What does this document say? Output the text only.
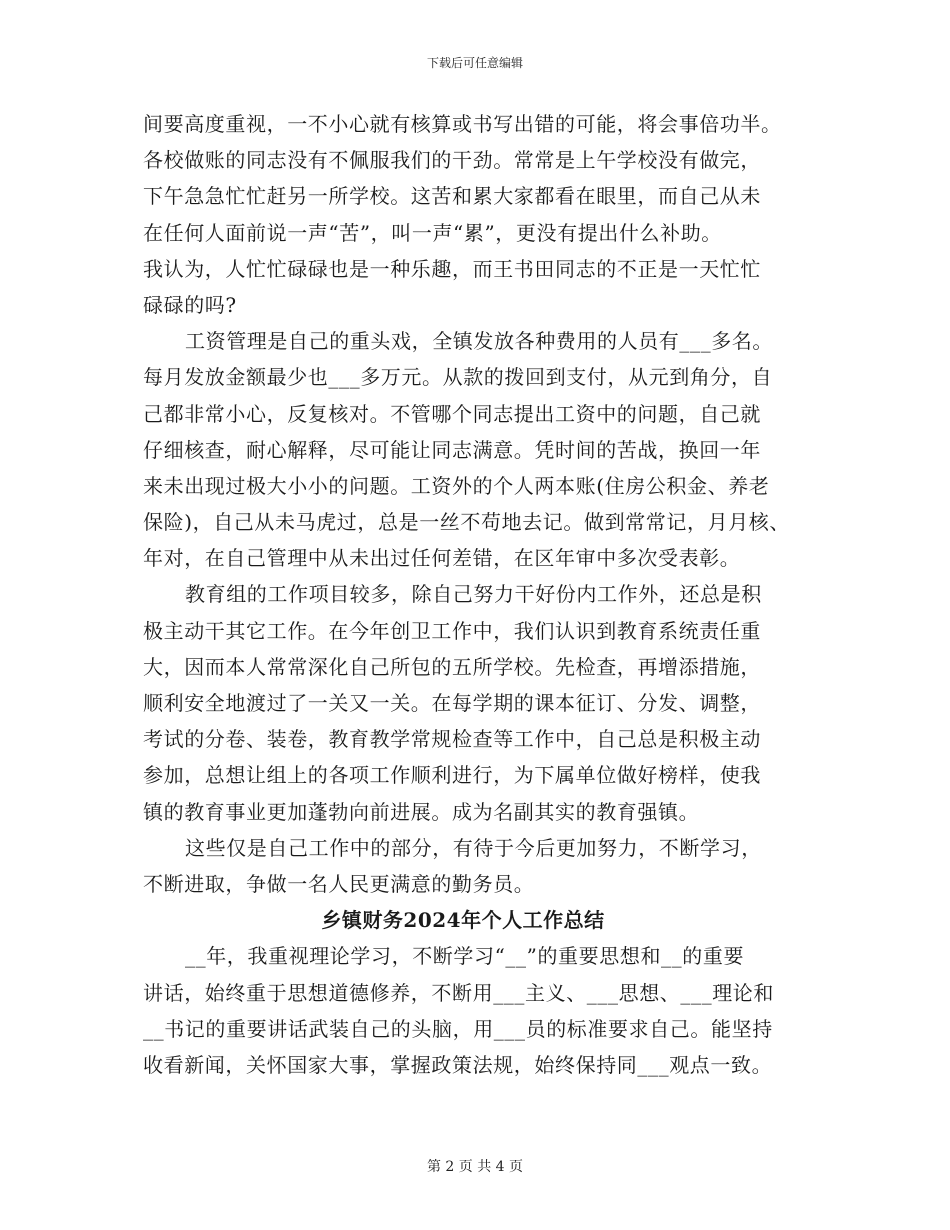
下载后可任意编辑
间要高度重视，一不小心就有核算或书写出错的可能，将会事倍功半。
各校做账的同志没有不佩服我们的干劲。常常是上午学校没有做完，
下午急急忙忙赶另一所学校。这苦和累大家都看在眼里，而自己从未
在任何人面前说一声“苦”，叫一声“累”，更没有提出什么补助。
我认为，人忙忙碌碌也是一种乐趣，而王书田同志的不正是一天忙忙
碌碌的吗?
工资管理是自己的重头戏，全镇发放各种费用的人员有___多名。
每月发放金额最少也___多万元。从款的拨回到支付，从元到角分，自
己都非常小心，反复核对。不管哪个同志提出工资中的问题，自己就
仔细核查，耐心解释，尽可能让同志满意。凭时间的苦战，换回一年
来未出现过极大小小的问题。工资外的个人两本账(住房公积金、养老
保险)，自己从未马虎过，总是一丝不苟地去记。做到常常记，月月核、
年对，在自己管理中从未出过任何差错，在区年审中多次受表彰。
教育组的工作项目较多，除自己努力干好份内工作外，还总是积
极主动干其它工作。在今年创卫工作中，我们认识到教育系统责任重
大，因而本人常常深化自己所包的五所学校。先检查，再增添措施，
顺利安全地渡过了一关又一关。在每学期的课本征订、分发、调整，
考试的分卷、装卷，教育教学常规检查等工作中，自己总是积极主动
参加，总想让组上的各项工作顺利进行，为下属单位做好榜样，使我
镇的教育事业更加蓬勃向前进展。成为名副其实的教育强镇。
这些仅是自己工作中的部分，有待于今后更加努力，不断学习，
不断进取，争做一名人民更满意的勤务员。
乡镇财务2024年个人工作总结
__年，我重视理论学习，不断学习“__”的重要思想和__的重要
讲话，始终重于思想道德修养，不断用___主义、___思想、___理论和
__书记的重要讲话武装自己的头脑，用___员的标准要求自己。能坚持
收看新闻，关怀国家大事，掌握政策法规，始终保持同___观点一致。
第 2 页 共 4 页
